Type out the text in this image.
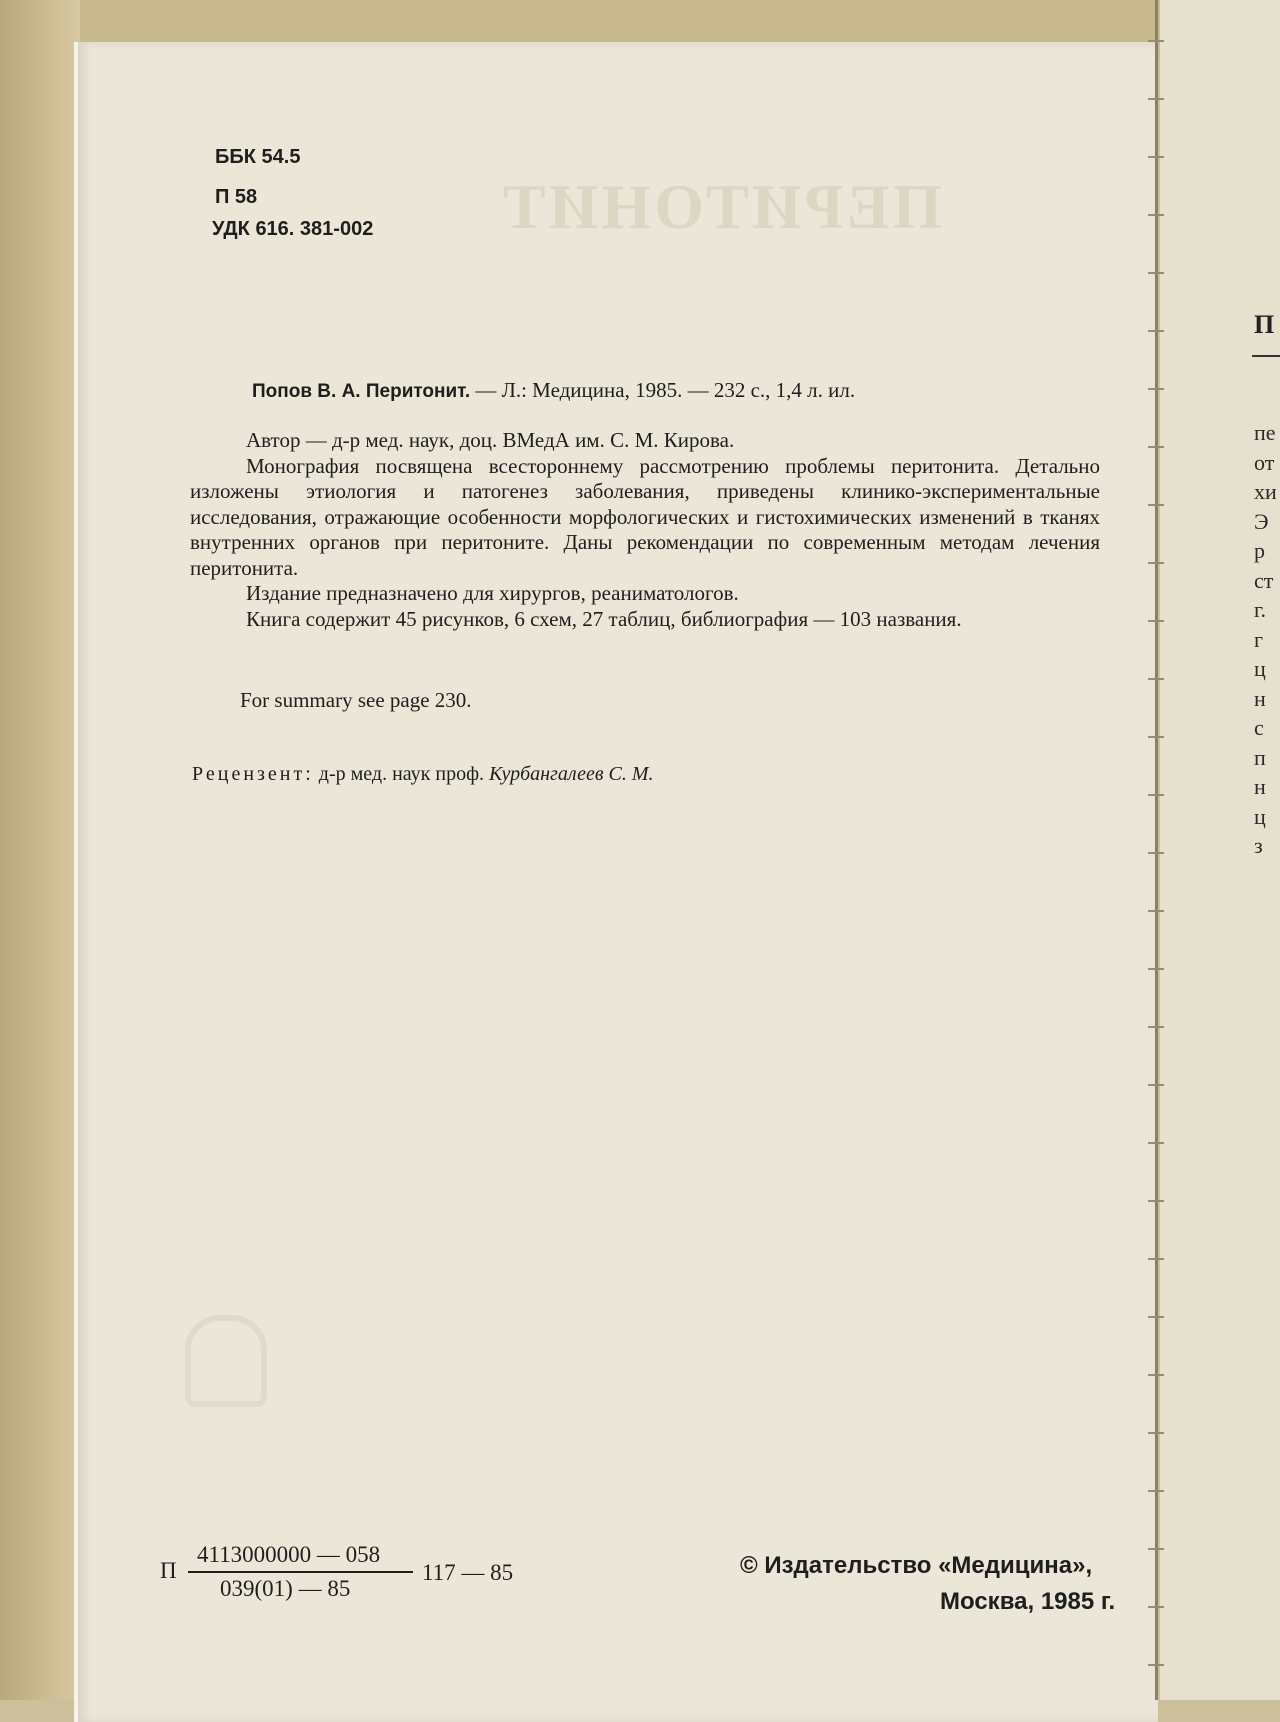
ПЕРИТОНИТ
П
пе
от
хи
Э
р
ст
г.
г
ц
н
с
п
н
ц
з
ББК 54.5
П 58
УДК 616. 381-002
Попов В. А. Перитонит. — Л.: Медицина, 1985. — 232 с., 1,4 л. ил.

Автор — д-р мед. наук, доц. ВМедА им. С. М. Кирова.

Монография посвящена всестороннему рассмотрению проблемы перитонита. Детально изложены этиология и патогенез заболевания, приведены клинико-экспериментальные исследования, отражающие особенности морфологических и гистохимических изменений в тканях внутренних органов при перитоните. Даны рекомендации по современным методам лечения перитонита.

Издание предназначено для хирургов, реаниматологов.

Книга содержит 45 рисунков, 6 схем, 27 таблиц, библиография — 103 названия.

For summary see page 230.
Рецензент: д-р мед. наук проф. Курбангалеев С. М.
П
4113000000 — 058
039(01) — 85
117 — 85	© Издательство «Медицина»,
Москва, 1985 г.
